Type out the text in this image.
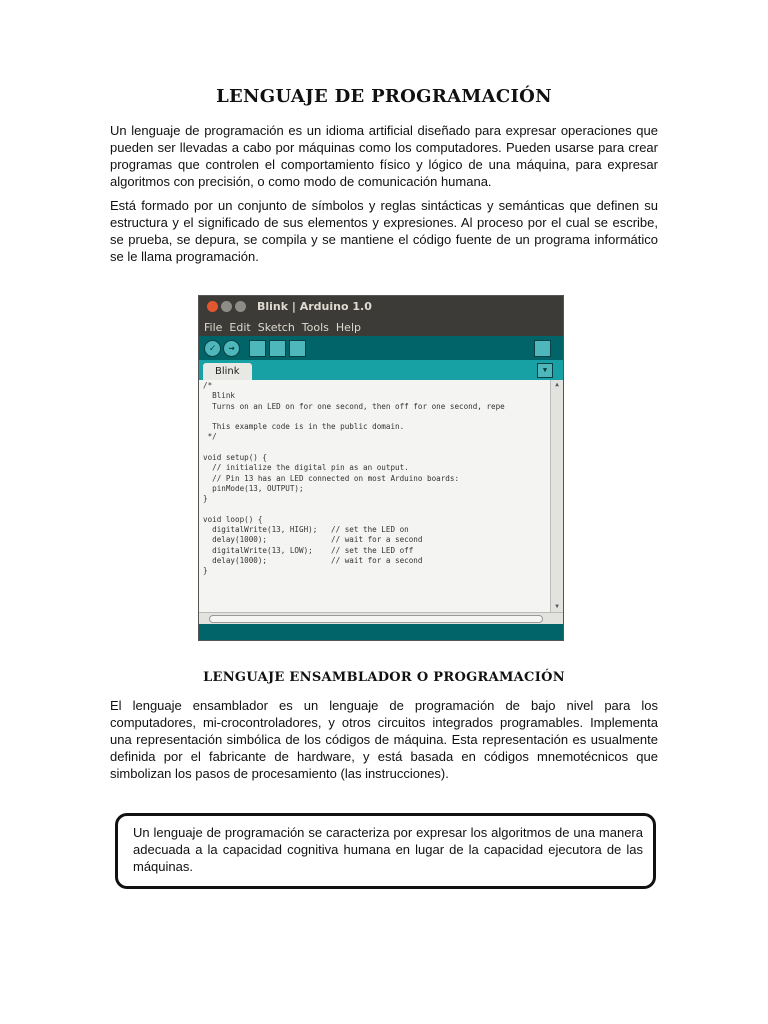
LENGUAJE DE PROGRAMACIÓN

Un lenguaje de programación es un idioma artificial diseñado para expresar operaciones que pueden ser llevadas a cabo por máquinas como los computadores. Pueden usarse para crear programas que controlen el comportamiento físico y lógico de una máquina, para expresar algoritmos con precisión, o como modo de comunicación humana.

Está formado por un conjunto de símbolos y reglas sintácticas y semánticas que definen su estructura y el significado de sus elementos y expresiones. Al proceso por el cual se escribe, se prueba, se depura, se compila y se mantiene el código fuente de un programa informático se le llama programación.

Blink | Arduino 1.0
File Edit Sketch Tools Help
✓	→
Blink	▼
/*
Blink
Turns on an LED on for one second, then off for one second, repe

This example code is in the public domain.
*/

void setup() {
// initialize the digital pin as an output.
// Pin 13 has an LED connected on most Arduino boards:
pinMode(13, OUTPUT);
}

void loop() {
digitalWrite(13, HIGH);   // set the LED on
delay(1000);              // wait for a second
digitalWrite(13, LOW);    // set the LED off
delay(1000);              // wait for a second
}
▲
▼
LENGUAJE ENSAMBLADOR O PROGRAMACIÓN

El lenguaje ensamblador es un lenguaje de programación de bajo nivel para los computadores, mi-crocontroladores, y otros circuitos integrados programables. Implementa una representación simbólica de los códigos de máquina. Esta representación es usualmente definida por el fabricante de hardware, y está basada en códigos mnemotécnicos que simbolizan los pasos de procesamiento (las instrucciones).

Un lenguaje de programación se caracteriza por expresar los algoritmos de una manera adecuada a la capacidad cognitiva humana en lugar de la capacidad ejecutora de las máquinas.
